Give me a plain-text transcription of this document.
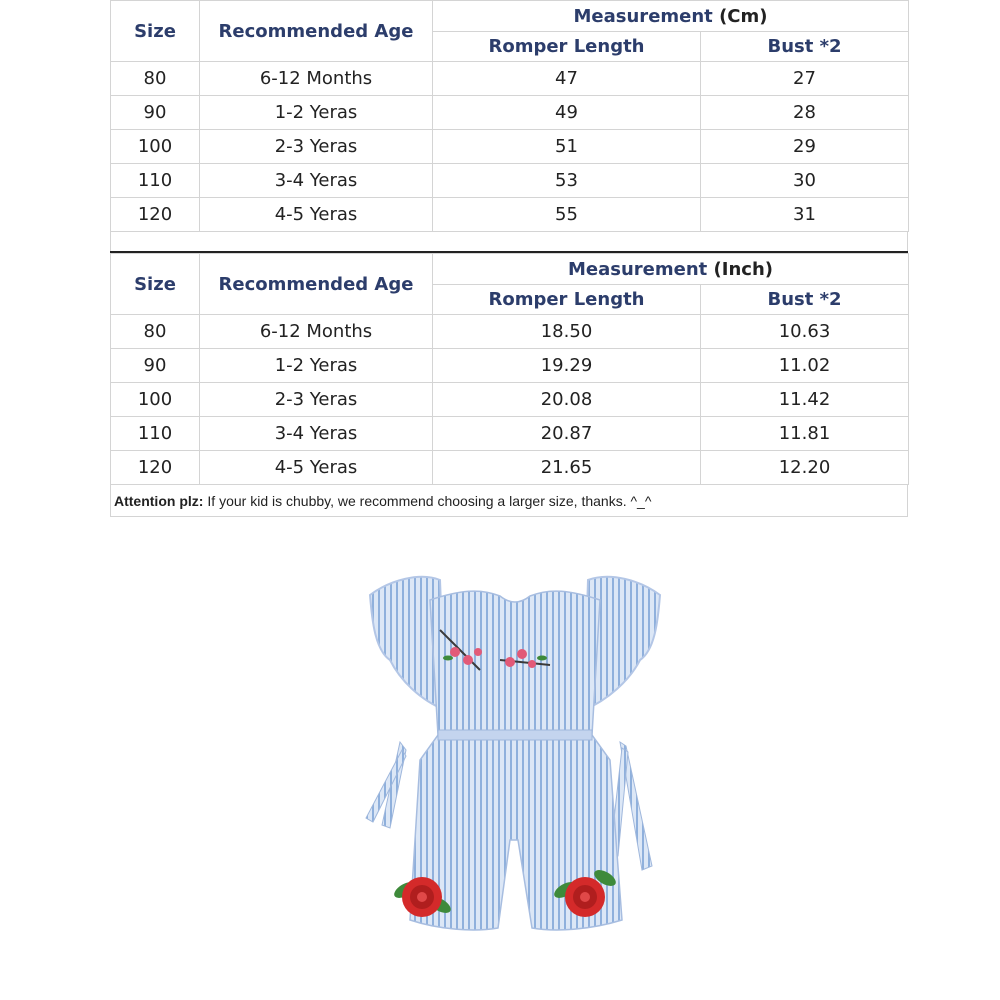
Size	Recommended Age	Measurement (Cm)	
		Romper Length	Bust *2
80	6-12 Months	47	27
90	1-2 Yeras	49	28
100	2-3 Yeras	51	29
110	3-4 Yeras	53	30
120	4-5 Yeras	55	31
Size	Recommended Age	Measurement (Inch)	
		Romper Length	Bust *2
80	6-12 Months	18.50	10.63
90	1-2 Yeras	19.29	11.02
100	2-3 Yeras	20.08	11.42
110	3-4 Yeras	20.87	11.81
120	4-5 Yeras	21.65	12.20
Attention plz: If your kid is chubby, we recommend choosing a larger size, thanks. ^_^
